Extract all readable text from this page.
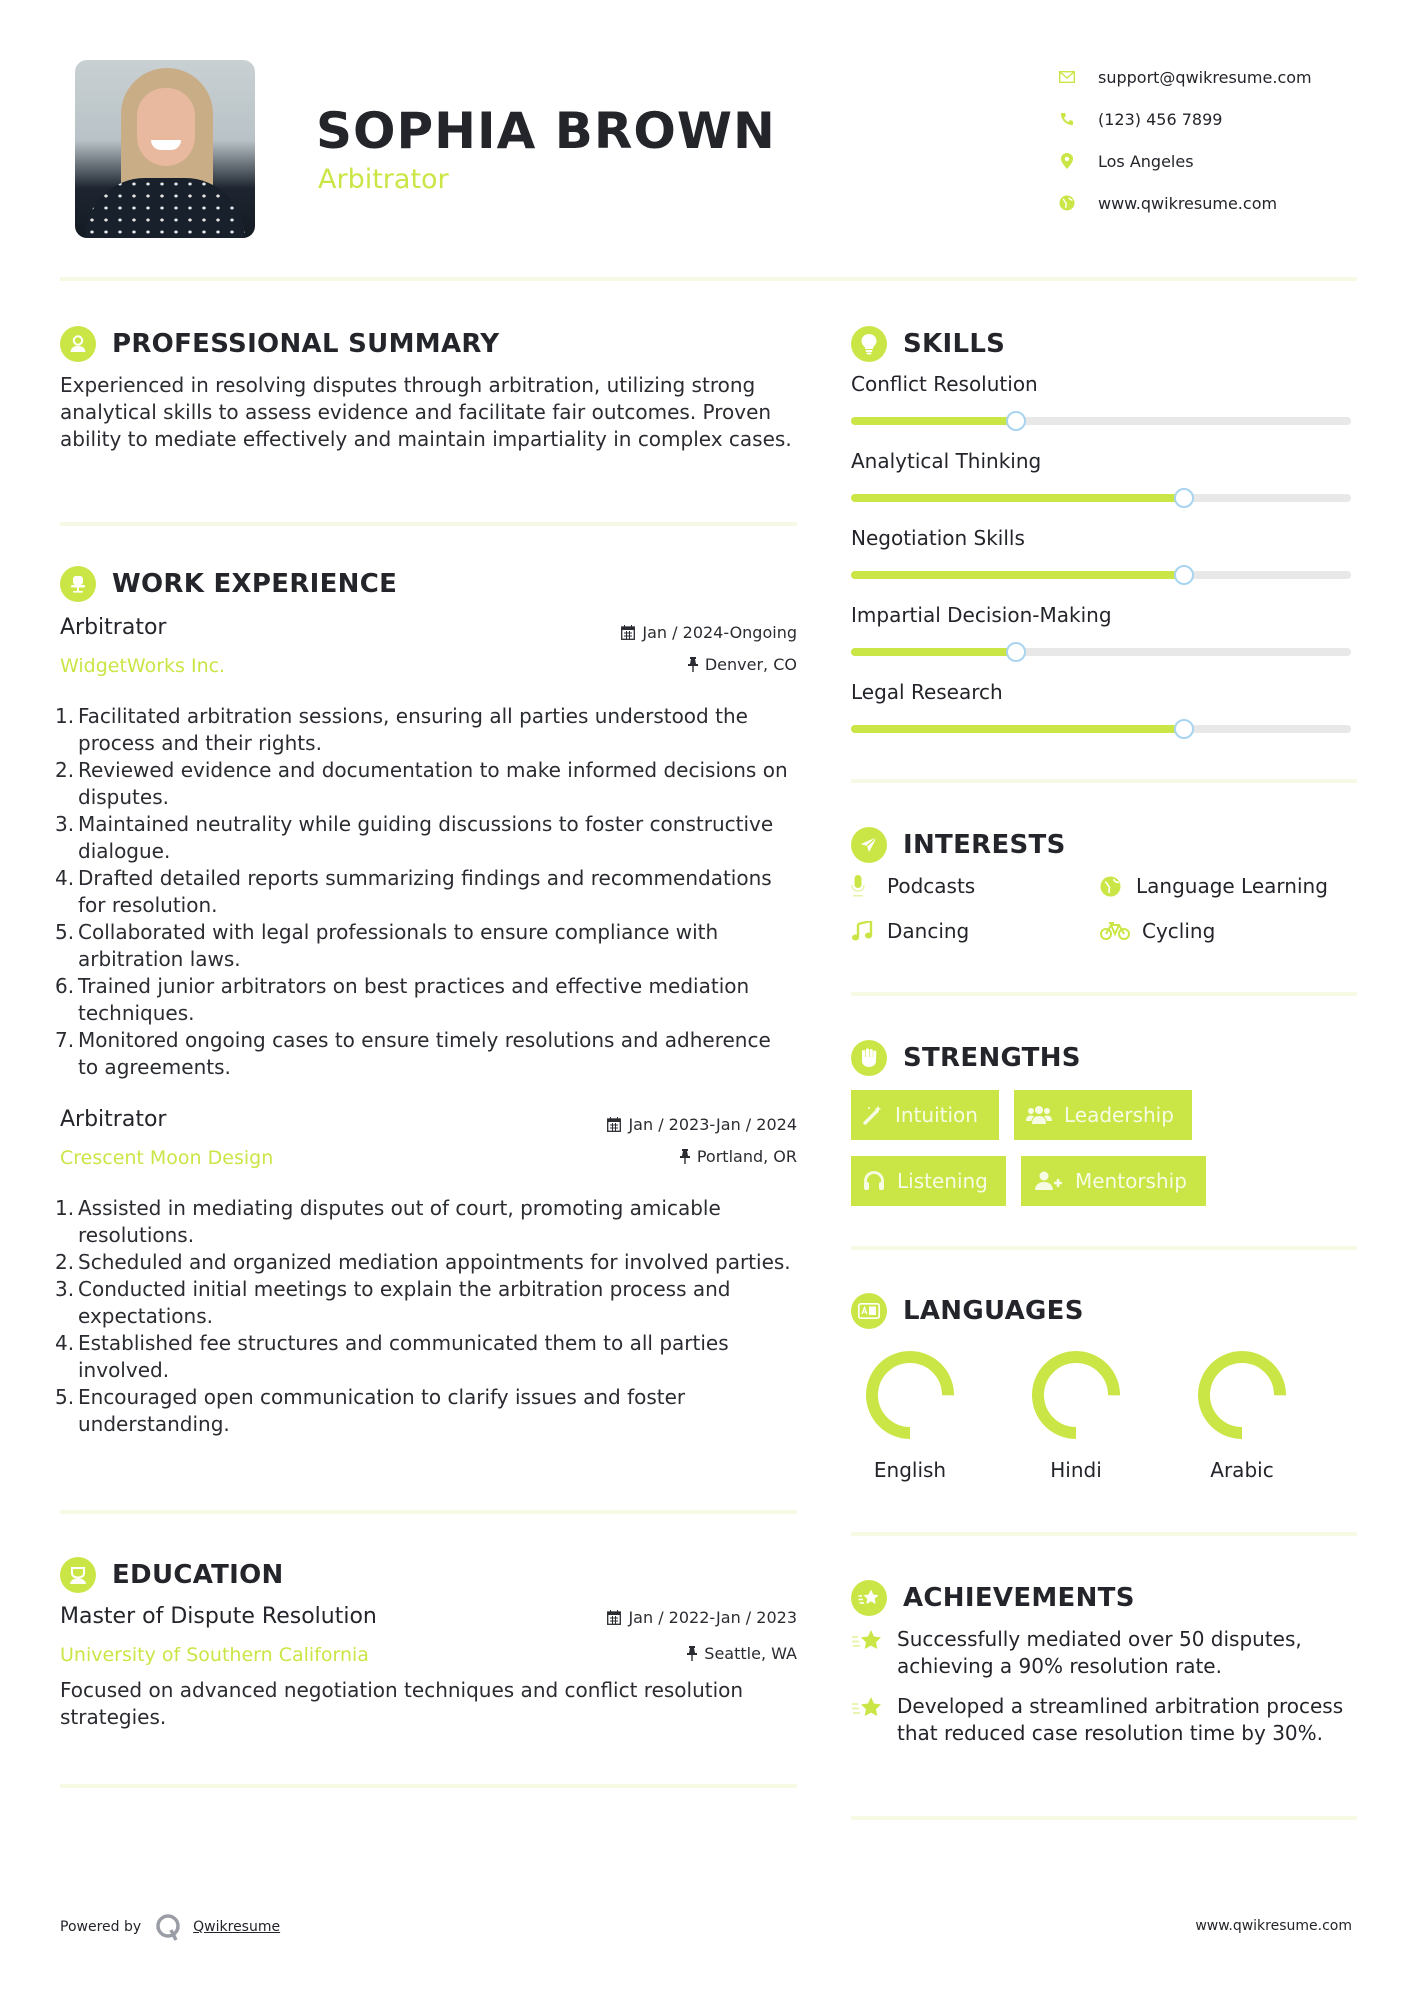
SOPHIA BROWN
Arbitrator
support@qwikresume.com
(123) 456 7899
Los Angeles
www.qwikresume.com
PROFESSIONAL SUMMARY

Experienced in resolving disputes through arbitration, utilizing strong analytical skills to assess evidence and facilitate fair outcomes. Proven ability to mediate effectively and maintain impartiality in complex cases.

WORK EXPERIENCE
Arbitrator
WidgetWorks Inc.
Jan / 2024-Ongoing
Denver, CO
Facilitated arbitration sessions, ensuring all parties understood the process and their rights.
Reviewed evidence and documentation to make informed decisions on disputes.
Maintained neutrality while guiding discussions to foster constructive dialogue.
Drafted detailed reports summarizing findings and recommendations for resolution.
Collaborated with legal professionals to ensure compliance with arbitration laws.
Trained junior arbitrators on best practices and effective mediation techniques.
Monitored ongoing cases to ensure timely resolutions and adherence to agreements.
Arbitrator
Crescent Moon Design
Jan / 2023-Jan / 2024
Portland, OR
Assisted in mediating disputes out of court, promoting amicable resolutions.
Scheduled and organized mediation appointments for involved parties.
Conducted initial meetings to explain the arbitration process and expectations.
Established fee structures and communicated them to all parties involved.
Encouraged open communication to clarify issues and foster understanding.
EDUCATION
Master of Dispute Resolution
University of Southern California
Jan / 2022-Jan / 2023
Seattle, WA

Focused on advanced negotiation techniques and conflict resolution strategies.

SKILLS
Conflict Resolution
Analytical Thinking
Negotiation Skills
Impartial Decision-Making
Legal Research
INTERESTS
Podcasts	Language Learning
Dancing	Cycling
STRENGTHS
Intuition	Leadership
Listening	Mentorship
LANGUAGES
English	Hindi	Arabic
ACHIEVEMENTS
Successfully mediated over 50 disputes, achieving a 90% resolution rate.
Developed a streamlined arbitration process that reduced case resolution time by 30%.
Powered by	Qwikresume	www.qwikresume.com
